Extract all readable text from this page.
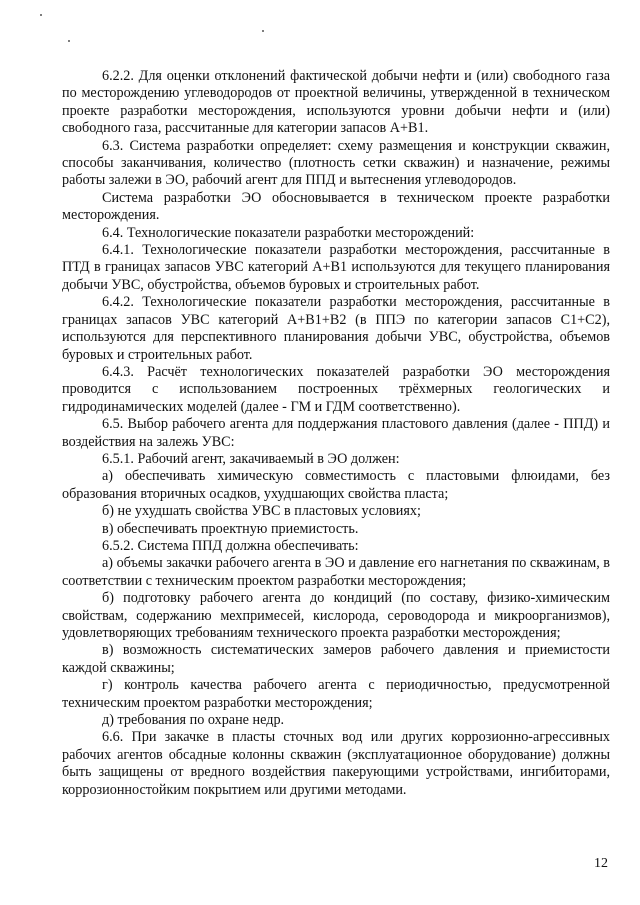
6.2.2. Для оценки отклонений фактической добычи нефти и (или) свободного газа по месторождению углеводородов от проектной величины, утвержденной в техническом проекте разработки месторождения, используются уровни добычи нефти и (или) свободного газа, рассчитанные для категории запасов А+В1.

6.3. Система разработки определяет: схему размещения и конструкции скважин, способы заканчивания, количество (плотность сетки скважин) и назначение, режимы работы залежи в ЭО, рабочий агент для ППД и вытеснения углеводородов.

Система разработки ЭО обосновывается в техническом проекте разработки месторождения.

6.4. Технологические показатели разработки месторождений:

6.4.1. Технологические показатели разработки месторождения, рассчитанные в ПТД в границах запасов УВС категорий А+В1 используются для текущего планирования добычи УВС, обустройства, объемов буровых и строительных работ.

6.4.2. Технологические показатели разработки месторождения, рассчитанные в границах запасов УВС категорий А+В1+В2 (в ППЭ по категории запасов С1+С2), используются для перспективного планирования добычи УВС, обустройства, объемов буровых и строительных работ.

6.4.3. Расчёт технологических показателей разработки ЭО месторождения проводится с использованием построенных трёхмерных геологических и гидродинамических моделей (далее - ГМ и ГДМ соответственно).

6.5. Выбор рабочего агента для поддержания пластового давления (далее - ППД) и воздействия на залежь УВС:

6.5.1. Рабочий агент, закачиваемый в ЭО должен:

а) обеспечивать химическую совместимость с пластовыми флюидами, без образования вторичных осадков, ухудшающих свойства пласта;

б) не ухудшать свойства УВС в пластовых условиях;

в) обеспечивать проектную приемистость.

6.5.2. Система ППД должна обеспечивать:

а) объемы закачки рабочего агента в ЭО и давление его нагнетания по скважинам, в соответствии с техническим проектом разработки месторождения;

б) подготовку рабочего агента до кондиций (по составу, физико-химическим свойствам, содержанию мехпримесей, кислорода, сероводорода и микроорганизмов), удовлетворяющих требованиям технического проекта разработки месторождения;

в) возможность систематических замеров рабочего давления и приемистости каждой скважины;

г) контроль качества рабочего агента с периодичностью, предусмотренной техническим проектом разработки месторождения;

д) требования по охране недр.

6.6. При закачке в пласты сточных вод или других коррозионно-агрессивных рабочих агентов обсадные колонны скважин (эксплуатационное оборудование) должны быть защищены от вредного воздействия пакерующими устройствами, ингибиторами, коррозионностойким покрытием или другими методами.

12
